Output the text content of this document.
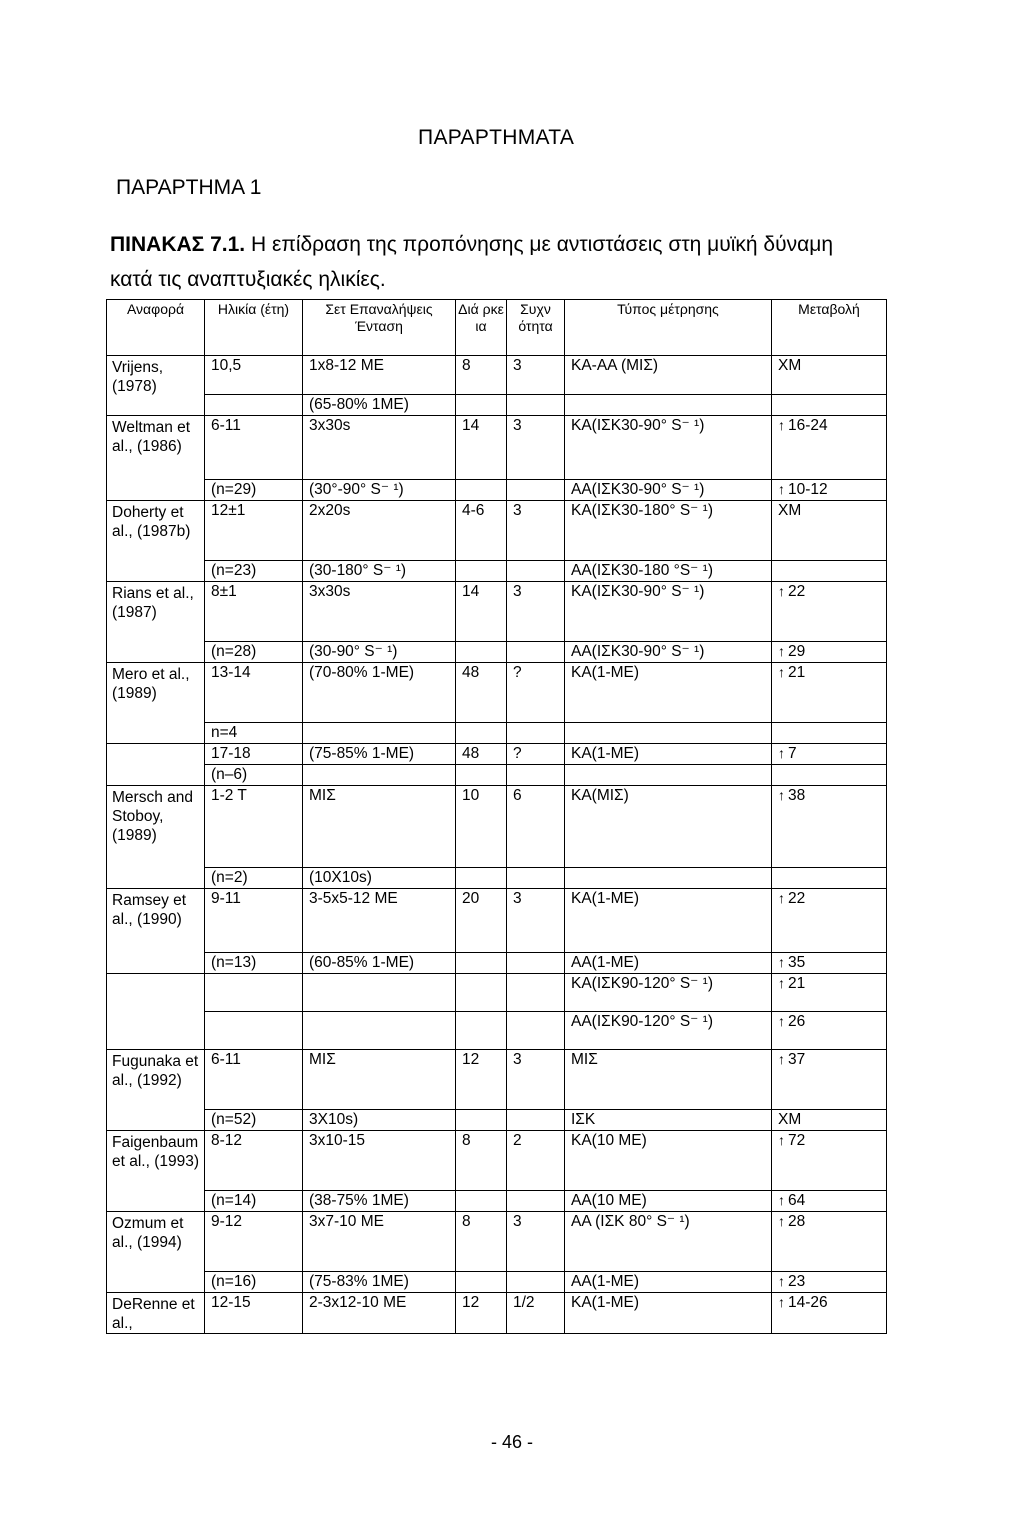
ΠΑΡΑΡΤΗΜΑΤΑ
ΠΑΡΑΡΤΗΜΑ 1
ΠΙΝΑΚΑΣ 7.1. Η επίδραση της προπόνησης με αντιστάσεις στη μυϊκή δύναμη
κατά τις αναπτυξιακές ηλικίες.
Αναφορά	Ηλικία (έτη)	Σετ Επαναλήψεις Ένταση	Διά ρκε ια	Συχν ότητα	Τύπος μέτρησης	Μεταβολή
Vrijens, (1978)	10,5	1x8-12 ΜΕ	8	3	ΚΑ-ΑΑ (ΜΙΣ)	ΧΜ
		(65-80% 1ΜΕ)				
Weltman et al., (1986)	6-11	3x30s	14	3	ΚΑ(ΙΣΚ30-90° S⁻ ¹)	↑ 16-24
	(n=29)	(30°-90° S⁻ ¹)			ΑΑ(ΙΣΚ30-90° S⁻ ¹)	↑ 10-12
Doherty et al., (1987b)	12±1	2x20s	4-6	3	ΚΑ(ΙΣΚ30-180° S⁻ ¹)	ΧΜ
	(n=23)	(30-180° S⁻ ¹)			ΑΑ(ΙΣΚ30-180 °S⁻ ¹)	
Rians et al., (1987)	8±1	3x30s	14	3	ΚΑ(ΙΣΚ30-90° S⁻ ¹)	↑ 22
	(n=28)	(30-90° S⁻ ¹)			ΑΑ(ΙΣΚ30-90° S⁻ ¹)	↑ 29
Mero et al., (1989)	13-14	(70-80% 1-ΜΕ)	48	?	ΚΑ(1-ΜΕ)	↑ 21
	n=4					
	17-18	(75-85% 1-ΜΕ)	48	?	ΚΑ(1-ΜΕ)	↑ 7
	(n–6)					
Mersch and Stoboy, (1989)	1-2 Τ	ΜΙΣ	10	6	ΚΑ(ΜΙΣ)	↑ 38
	(n=2)	(10X10s)				
Ramsey et al., (1990)	9-11	3-5x5-12 ΜΕ	20	3	ΚΑ(1-ΜΕ)	↑ 22
	(n=13)	(60-85% 1-ΜΕ)			ΑΑ(1-ΜΕ)	↑ 35
					ΚΑ(ΙΣΚ90-120° S⁻ ¹)	↑ 21
					ΑΑ(ΙΣΚ90-120° S⁻ ¹)	↑ 26
Fugunaka et al., (1992)	6-11	ΜΙΣ	12	3	ΜΙΣ	↑ 37
	(n=52)	3X10s)			ΙΣΚ	ΧΜ
Faigenbaum et al., (1993)	8-12	3x10-15	8	2	ΚΑ(10 ΜΕ)	↑ 72
	(n=14)	(38-75% 1ΜΕ)			ΑΑ(10 ΜΕ)	↑ 64
Ozmum et al., (1994)	9-12	3x7-10 ΜΕ	8	3	ΑΑ (ΙΣΚ 80° S⁻ ¹)	↑ 28
	(n=16)	(75-83% 1ΜΕ)			ΑΑ(1-ΜΕ)	↑ 23
DeRenne et al.,	12-15	2-3x12-10 ΜΕ	12	1/2	ΚΑ(1-ΜΕ)	↑ 14-26
- 46 -
